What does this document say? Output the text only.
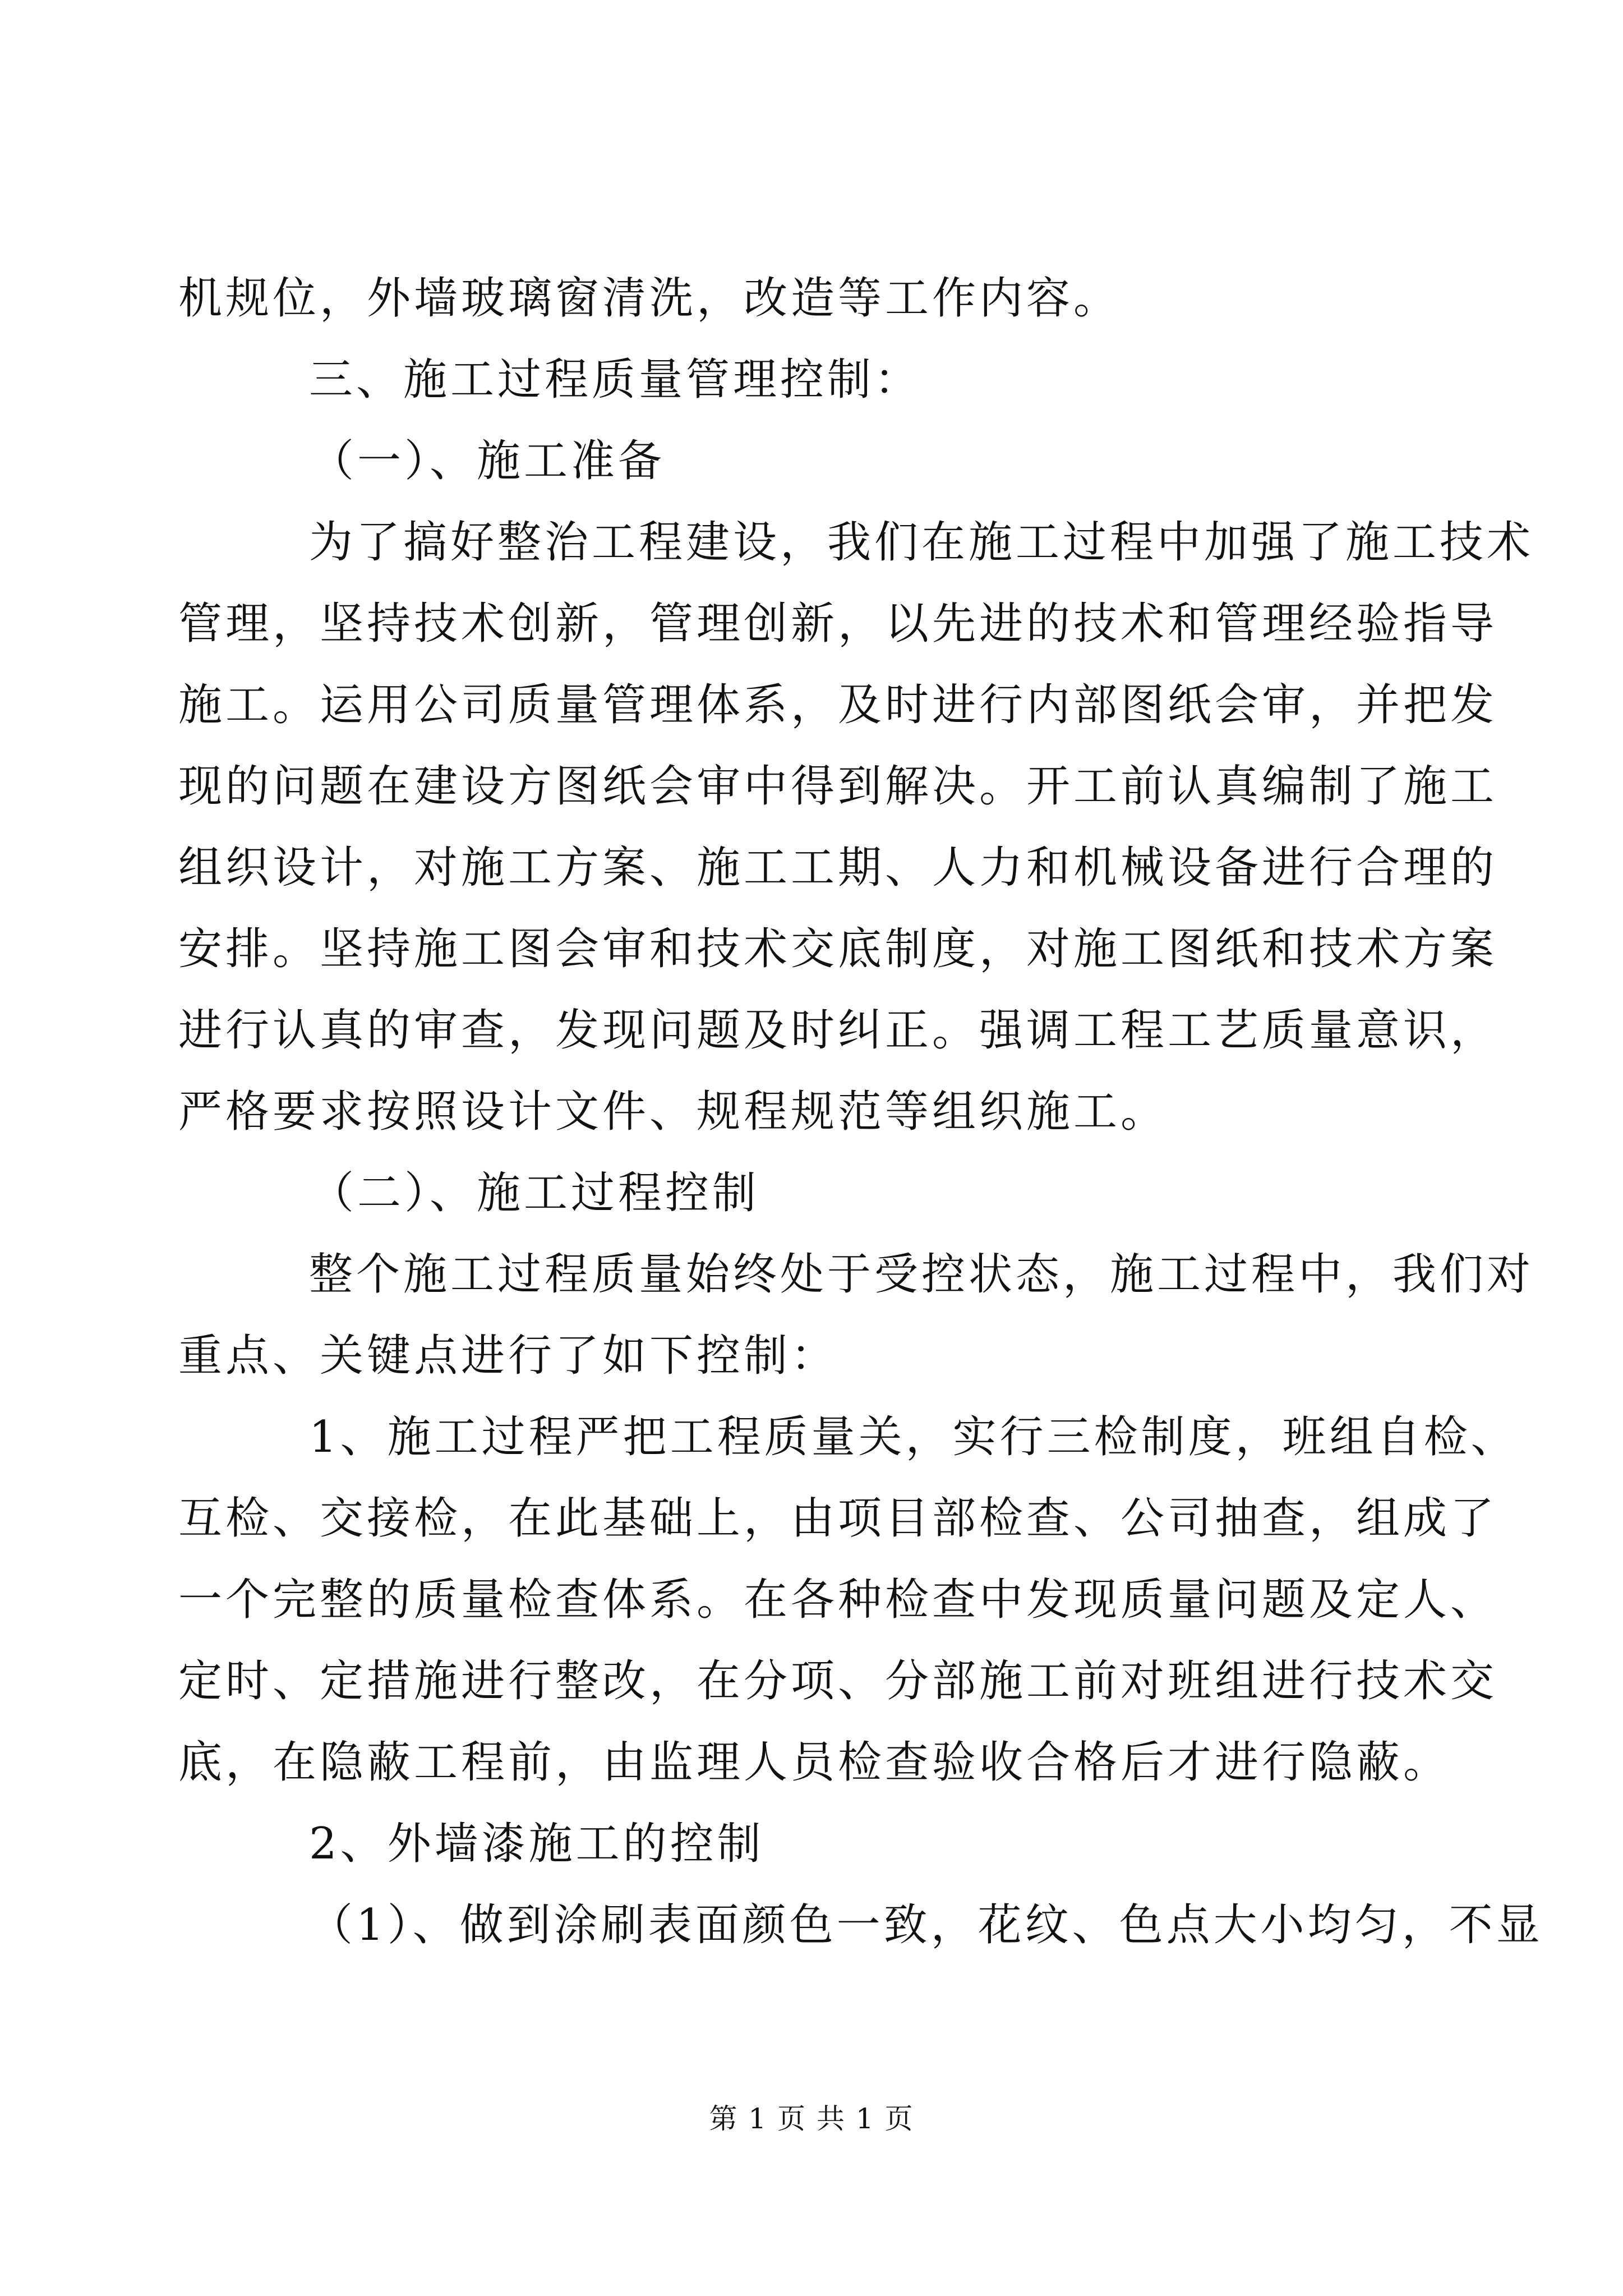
机规位，外墙玻璃窗清洗，改造等工作内容。
三、施工过程质量管理控制：
（一）、施工准备
为了搞好整治工程建设，我们在施工过程中加强了施工技术
管理，坚持技术创新，管理创新，以先进的技术和管理经验指导
施工。运用公司质量管理体系，及时进行内部图纸会审，并把发
现的问题在建设方图纸会审中得到解决。开工前认真编制了施工
组织设计，对施工方案、施工工期、人力和机械设备进行合理的
安排。坚持施工图会审和技术交底制度，对施工图纸和技术方案
进行认真的审查，发现问题及时纠正。强调工程工艺质量意识，
严格要求按照设计文件、规程规范等组织施工。
（二）、施工过程控制
整个施工过程质量始终处于受控状态，施工过程中，我们对
重点、关键点进行了如下控制：
1、施工过程严把工程质量关，实行三检制度，班组自检、
互检、交接检，在此基础上，由项目部检查、公司抽查，组成了
一个完整的质量检查体系。在各种检查中发现质量问题及定人、
定时、定措施进行整改，在分项、分部施工前对班组进行技术交
底，在隐蔽工程前，由监理人员检查验收合格后才进行隐蔽。
2、外墙漆施工的控制
（1）、做到涂刷表面颜色一致，花纹、色点大小均匀，不显
第 1 页 共 1 页
